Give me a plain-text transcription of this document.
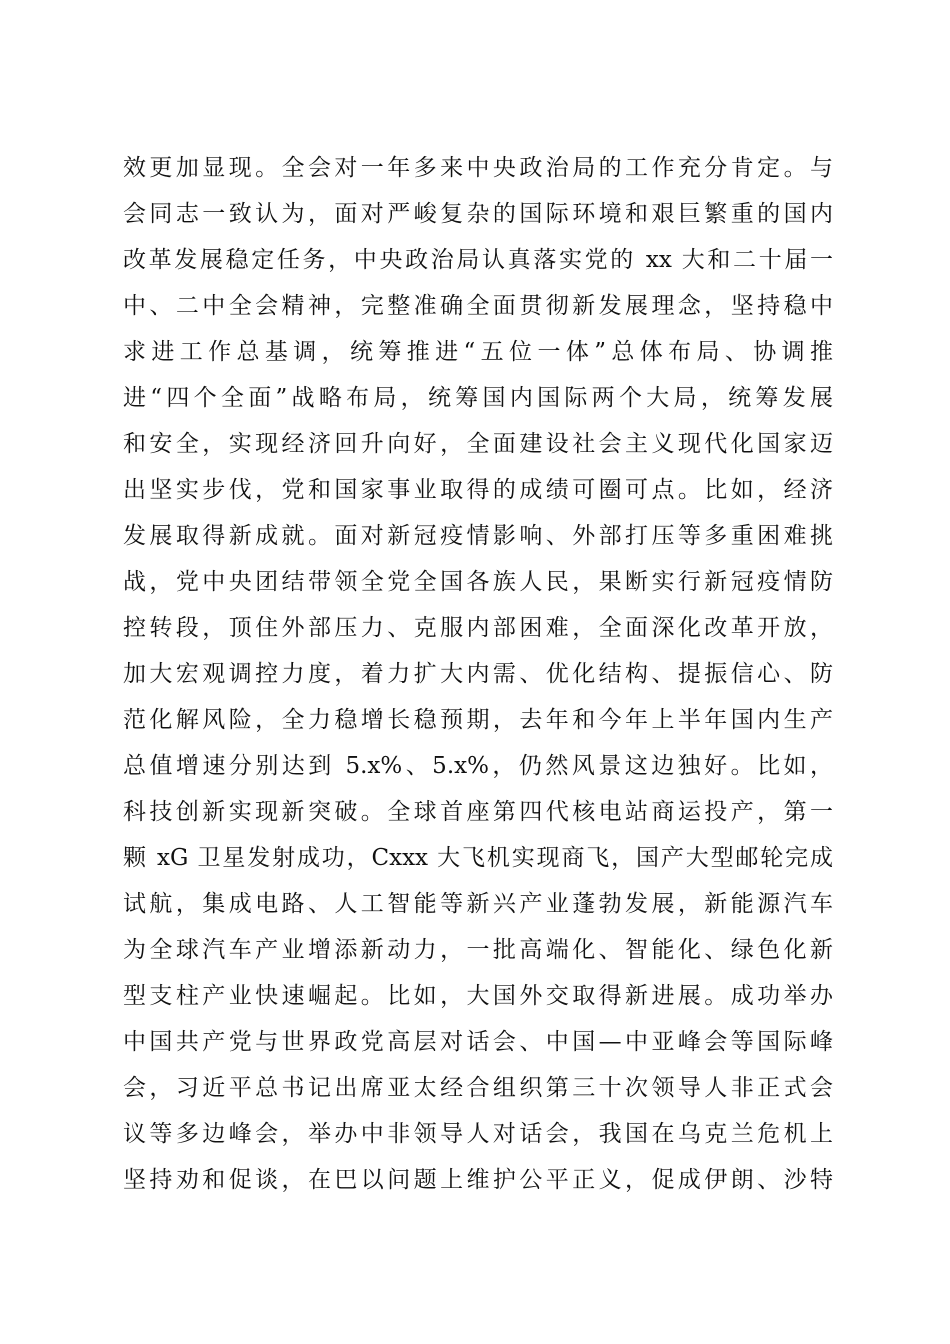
效更加显现。全会对一年多来中央政治局的工作充分肯定。与
会同志一致认为，面对严峻复杂的国际环境和艰巨繁重的国内
改革发展稳定任务，中央政治局认真落实党的 xx 大和二十届一
中、二中全会精神，完整准确全面贯彻新发展理念，坚持稳中
求进工作总基调，统筹推进“五位一体”总体布局、协调推
进“四个全面”战略布局，统筹国内国际两个大局，统筹发展
和安全，实现经济回升向好，全面建设社会主义现代化国家迈
出坚实步伐，党和国家事业取得的成绩可圈可点。比如，经济
发展取得新成就。面对新冠疫情影响、外部打压等多重困难挑
战，党中央团结带领全党全国各族人民，果断实行新冠疫情防
控转段，顶住外部压力、克服内部困难，全面深化改革开放，
加大宏观调控力度，着力扩大内需、优化结构、提振信心、防
范化解风险，全力稳增长稳预期，去年和今年上半年国内生产
总值增速分别达到 5.x%、5.x%，仍然风景这边独好。比如，
科技创新实现新突破。全球首座第四代核电站商运投产，第一
颗 xG 卫星发射成功，Cxxx 大飞机实现商飞，国产大型邮轮完成
试航，集成电路、人工智能等新兴产业蓬勃发展，新能源汽车
为全球汽车产业增添新动力，一批高端化、智能化、绿色化新
型支柱产业快速崛起。比如，大国外交取得新进展。成功举办
中国共产党与世界政党高层对话会、中国—中亚峰会等国际峰
会，习近平总书记出席亚太经合组织第三十次领导人非正式会
议等多边峰会，举办中非领导人对话会，我国在乌克兰危机上
坚持劝和促谈，在巴以问题上维护公平正义，促成伊朗、沙特
